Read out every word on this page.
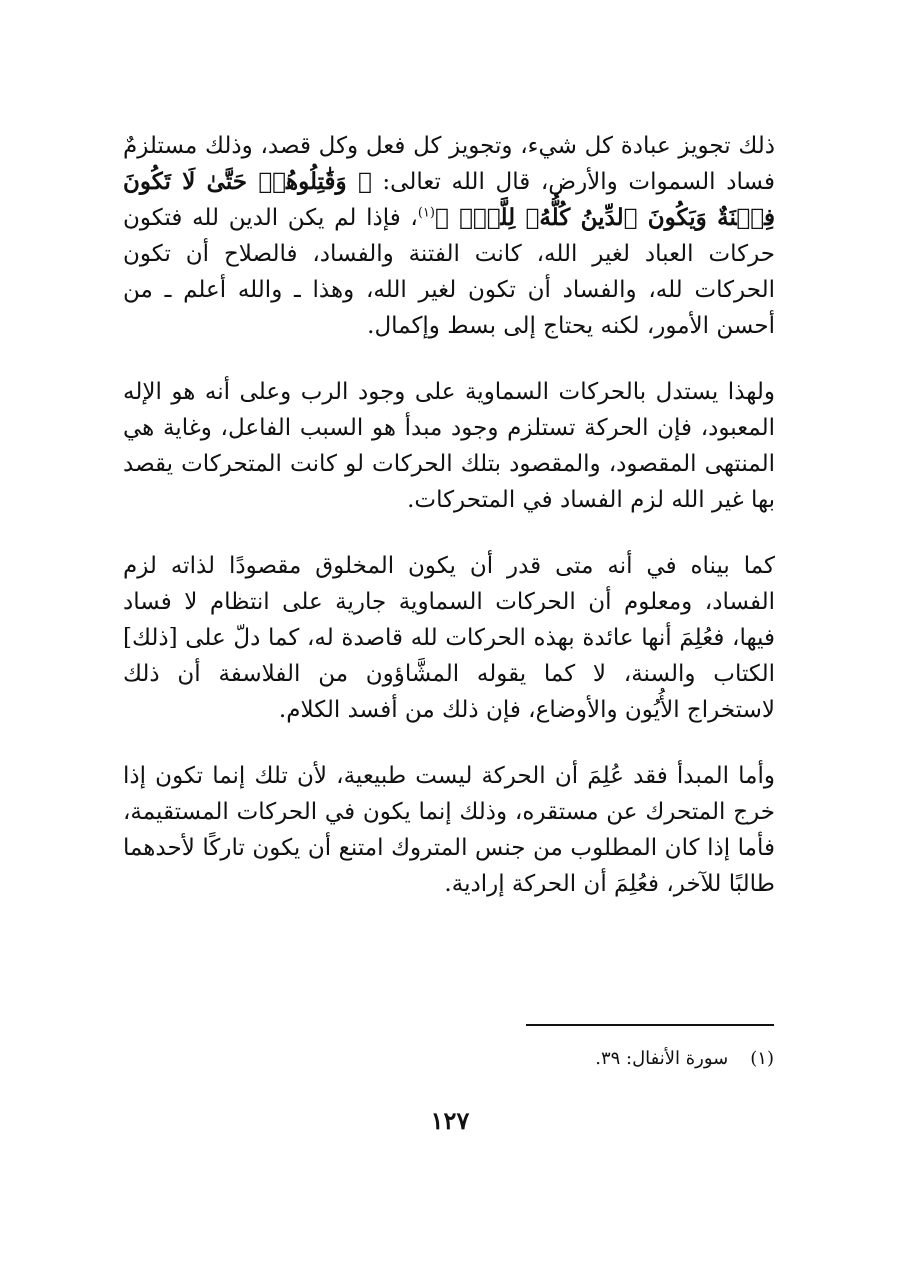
ذلك تجويز عبادة كل شيء، وتجويز كل فعل وكل قصد، وذلك مستلزمٌ فساد السموات والأرض، قال الله تعالى: ﴿ وَقَٰتِلُوهُمۡ حَتَّىٰ لَا تَكُونَ فِتۡنَةٌ وَيَكُونَ ٱلدِّينُ كُلُّهُۥ لِلَّهِۚ ﴾$^{(١)}$، فإذا لم يكن الدين لله فتكون حركات العباد لغير الله، كانت الفتنة والفساد، فالصلاح أن تكون الحركات لله، والفساد أن تكون لغير الله، وهذا ـ والله أعلم ـ من أحسن الأمور، لكنه يحتاج إلى بسط وإكمال.

ولهذا يستدل بالحركات السماوية على وجود الرب وعلى أنه هو الإله المعبود، فإن الحركة تستلزم وجود مبدأ هو السبب الفاعل، وغاية هي المنتهى المقصود، والمقصود بتلك الحركات لو كانت المتحركات يقصد بها غير الله لزم الفساد في المتحركات.

كما بيناه في أنه متى قدر أن يكون المخلوق مقصودًا لذاته لزم الفساد، ومعلوم أن الحركات السماوية جارية على انتظام لا فساد فيها، فعُلِمَ أنها عائدة بهذه الحركات لله قاصدة له، كما دلّ على [ذلك] الكتاب والسنة، لا كما يقوله المشَّاؤون من الفلاسفة أن ذلك لاستخراج الأُيُون والأوضاع، فإن ذلك من أفسد الكلام.

وأما المبدأ فقد عُلِمَ أن الحركة ليست طبيعية، لأن تلك إنما تكون إذا خرج المتحرك عن مستقره، وذلك إنما يكون في الحركات المستقيمة، فأما إذا كان المطلوب من جنس المتروك امتنع أن يكون تاركًا لأحدهما طالبًا للآخر، فعُلِمَ أن الحركة إرادية.

(١)سورة الأنفال: ٣٩.
١٢٧
